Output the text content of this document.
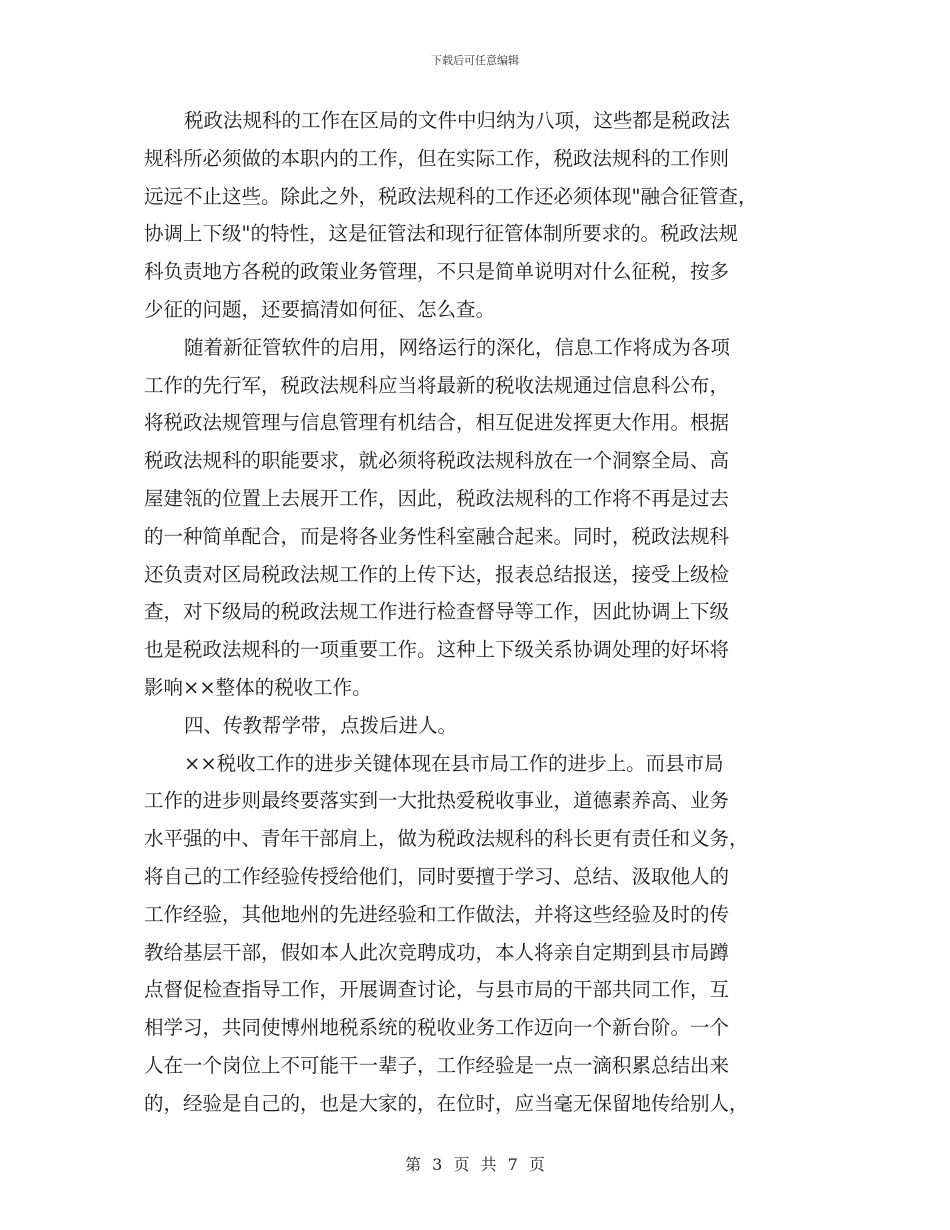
下载后可任意编辑
税政法规科的工作在区局的文件中归纳为八项，这些都是税政法
规科所必须做的本职内的工作，但在实际工作，税政法规科的工作则
远远不止这些。除此之外，税政法规科的工作还必须体现"融合征管查，
协调上下级"的特性，这是征管法和现行征管体制所要求的。税政法规
科负责地方各税的政策业务管理，不只是简单说明对什么征税，按多
少征的问题，还要搞清如何征、怎么查。
随着新征管软件的启用，网络运行的深化，信息工作将成为各项
工作的先行军，税政法规科应当将最新的税收法规通过信息科公布，
将税政法规管理与信息管理有机结合，相互促进发挥更大作用。根据
税政法规科的职能要求，就必须将税政法规科放在一个洞察全局、高
屋建瓴的位置上去展开工作，因此，税政法规科的工作将不再是过去
的一种简单配合，而是将各业务性科室融合起来。同时，税政法规科
还负责对区局税政法规工作的上传下达，报表总结报送，接受上级检
查，对下级局的税政法规工作进行检查督导等工作，因此协调上下级
也是税政法规科的一项重要工作。这种上下级关系协调处理的好坏将
影响××整体的税收工作。
四、传教帮学带，点拨后进人。
××税收工作的进步关键体现在县市局工作的进步上。而县市局
工作的进步则最终要落实到一大批热爱税收事业，道德素养高、业务
水平强的中、青年干部肩上，做为税政法规科的科长更有责任和义务，
将自己的工作经验传授给他们，同时要擅于学习、总结、汲取他人的
工作经验，其他地州的先进经验和工作做法，并将这些经验及时的传
教给基层干部，假如本人此次竞聘成功，本人将亲自定期到县市局蹲
点督促检查指导工作，开展调查讨论，与县市局的干部共同工作，互
相学习，共同使博州地税系统的税收业务工作迈向一个新台阶。一个
人在一个岗位上不可能干一辈子，工作经验是一点一滴积累总结出来
的，经验是自己的，也是大家的，在位时，应当毫无保留地传给别人，
第 3 页 共 7 页
